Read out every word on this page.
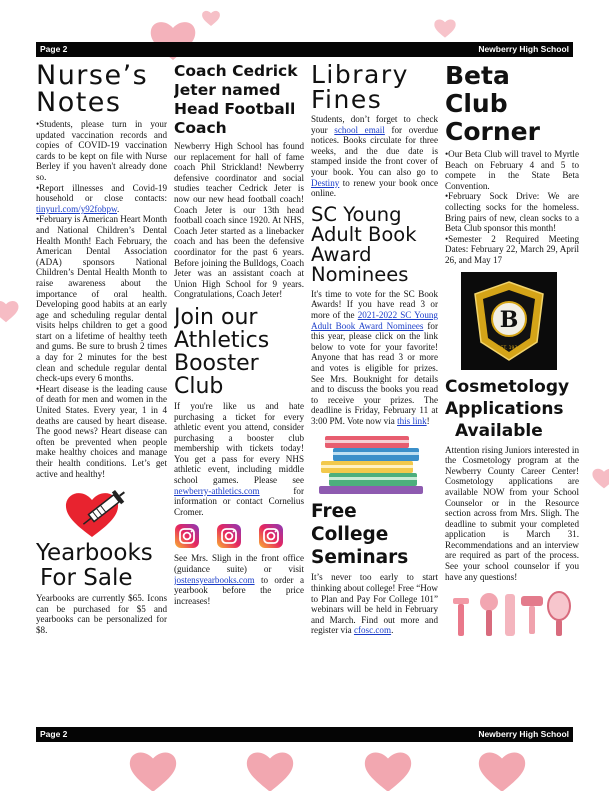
Page 2	Newberry High School
Nurse’s
Notes

•Students, please turn in your updated vaccination records and copies of COVID-19 vaccination cards to be kept on file with Nurse Berley if you haven't already done so.

•Report illnesses and Covid-19 household or close contacts: tinyurl.com/y92fobpw.

•February is American Heart Month and National Children’s Dental Health Month! Each February, the American Dental Association (ADA) sponsors National Children’s Dental Health Month to raise awareness about the importance of oral health. Developing good habits at an early age and scheduling regular dental visits helps children to get a good start on a lifetime of healthy teeth and gums. Be sure to brush 2 times a day for 2 minutes for the best clean and schedule regular dental check-ups every 6 months.

•Heart disease is the leading cause of death for men and women in the United States. Every year, 1 in 4 deaths are caused by heart disease. The good news? Heart disease can often be prevented when people make healthy choices and manage their health conditions. Let’s get active and healthy!

Yearbooks
For Sale

Yearbooks are currently $65. Icons can be purchased for $5 and yearbooks can be personalized for $8.

Coach Cedrick
Jeter named
Head Football
Coach

Newberry High School has found our replacement for hall of fame coach Phil Strickland! Newberry defensive coordinator and social studies teacher Cedrick Jeter is now our new head football coach! Coach Jeter is our 13th head football coach since 1920. At NHS, Coach Jeter started as a linebacker coach and has been the defensive coordinator for the past 6 years. Before joining the Bulldogs, Coach Jeter was an assistant coach at Union High School for 9 years. Congratulations, Coach Jeter!

Join our
Athletics
Booster
Club

If you're like us and hate purchasing a ticket for every athletic event you attend, consider purchasing a booster club membership with tickets today! You get a pass for every NHS athletic event, including middle school games. Please see newberry-athletics.com for information or contact Cornelius Cromer.

See Mrs. Sligh in the front office (guidance suite) or visit jostensyearbooks.com to order a yearbook before the price increases!

Library
Fines

Students, don’t forget to check your school email for overdue notices. Books circulate for three weeks, and the due date is stamped inside the front cover of your book. You can also go to Destiny to renew your book once online.

SC Young
Adult Book
Award
Nominees

It's time to vote for the SC Book Awards! If you have read 3 or more of the 2021-2022 SC Young Adult Book Award Nominees for this year, please click on the link below to vote for your favorite! Anyone that has read 3 or more and votes is eligible for prizes. See Mrs. Bouknight for details and to discuss the books you read to receive your prizes. The deadline is Friday, February 11 at 3:00 PM. Vote now via this link!

Free College
Seminars

It’s never too early to start thinking about college! Free “How to Plan and Pay For College 101” webinars will be held in February and March. Find out more and register via cfosc.com.

Beta Club
Corner

•Our Beta Club will travel to Myrtle Beach on February 4 and 5 to compete in the State Beta Convention.

•February Sock Drive: We are collecting socks for the homeless. Bring pairs of new, clean socks to a Beta Club sponsor this month!

•Semester 2 Required Meeting Dates: February 22, March 29, April 26, and May 17

B
EST. 1934
Cosmetology
Applications
Available

Attention rising Juniors interested in the Cosmetology program at the Newberry County Career Center! Cosmetology applications are available NOW from your School Counselor or in the Resource section across from Mrs. Sligh. The deadline to submit your completed application is March 31. Recommendations and an interview are required as part of the process. See your school counselor if you have any questions!

Page 2	Newberry High School
